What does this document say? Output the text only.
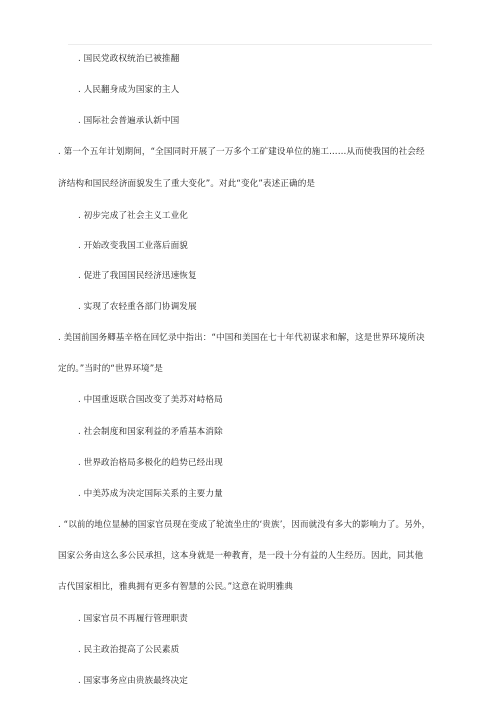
. 国民党政权统治已被推翻
. 人民翻身成为国家的主人
. 国际社会普遍承认新中国
. 第一个五年计划期间，“全国同时开展了一万多个工矿建设单位的施工……从而使我国的社会经
济结构和国民经济面貌发生了重大变化”。对此“变化”表述正确的是
. 初步完成了社会主义工业化
. 开始改变我国工业落后面貌
. 促进了我国国民经济迅速恢复
. 实现了农轻重各部门协调发展
. 美国前国务卿基辛格在回忆录中指出：“中国和美国在七十年代初谋求和解，这是世界环境所决
定的。”当时的“世界环境”是
. 中国重返联合国改变了美苏对峙格局
. 社会制度和国家利益的矛盾基本消除
. 世界政治格局多极化的趋势已经出现
. 中美苏成为决定国际关系的主要力量
. “以前的地位显赫的国家官员现在变成了轮流坐庄的‘贵族’，因而就没有多大的影响力了。另外，
国家公务由这么多公民承担，这本身就是一种教育，是一段十分有益的人生经历。因此，同其他
古代国家相比，雅典拥有更多有智慧的公民。”这意在说明雅典
. 国家官员不再履行管理职责
. 民主政治提高了公民素质
. 国家事务应由贵族最终决定
